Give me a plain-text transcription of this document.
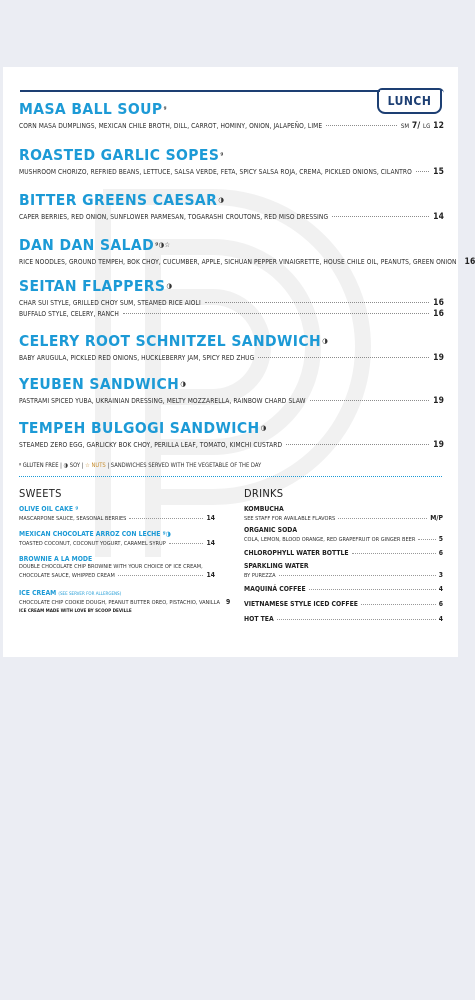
LUNCH
MASA BALL $SOUP^ᵍ$
CORN MASA DUMPLINGS, MEXICAN CHILE BROTH, DILL, CARROT, HOMINY, ONION, JALAPEÑO, LIME	SM 7/ LG 12
ROASTED GARLIC $SOPES^ᵍ$
MUSHROOM CHORIZO, REFRIED BEANS, LETTUCE, SALSA VERDE, FETA, SPICY SALSA ROJA, CREMA, PICKLED ONIONS, CILANTRO	15
BITTER GREENS CAESAR◑
CAPER BERRIES, RED ONION, SUNFLOWER PARMESAN, TOGARASHI CROUTONS, RED MISO DRESSING	14
DAN DAN $SALAD^{ᵍ◑☆}$
RICE NOODLES, GROUND TEMPEH, BOK CHOY, CUCUMBER, APPLE, SICHUAN PEPPER VINAIGRETTE, HOUSE CHILE OIL, PEANUTS, GREEN ONION 16
SEITAN FLAPPERS◑
CHAR SUI STYLE, GRILLED CHOY SUM, STEAMED RICE AIOLI	16
BUFFALO STYLE, CELERY, RANCH	16
CELERY ROOT SCHNITZEL SANDWICH◑
BABY ARUGULA, PICKLED RED ONIONS, HUCKLEBERRY JAM, SPICY RED ZHUG	19
YEUBEN SANDWICH◑
PASTRAMI SPICED YUBA, UKRAINIAN DRESSING, MELTY MOZZARELLA, RAINBOW CHARD SLAW	19
TEMPEH BULGOGI SANDWICH◑
STEAMED ZERO EGG, GARLICKY BOK CHOY, PERILLA LEAF, TOMATO, KIMCHI CUSTARD	19
ᵍ GLUTEN FREE | ◑ SOY | ☆ NUTS | SANDWICHES SERVED WITH THE VEGETABLE OF THE DAY
SWEETS
OLIVE OIL CAKE ᵍ
MASCARPONE SAUCE, SEASONAL BERRIES	14
MEXICAN CHOCOLATE ARROZ CON LECHE ᵍ◑
TOASTED COCONUT, COCONUT YOGURT, CARAMEL SYRUP	14
BROWNIE A LA MODE
DOUBLE CHOCOLATE CHIP BROWNIE WITH YOUR CHOICE OF ICE CREAM,
CHOCOLATE SAUCE, WHIPPED CREAM	14
ICE CREAM (SEE SERVER FOR ALLERGENS)
CHOCOLATE CHIP COOKIE DOUGH, PEANUT BUTTER OREO, PISTACHIO, VANILLA 9
ICE CREAM MADE WITH LOVE BY SCOOP DEVILLE
DRINKS
KOMBUCHA
SEE STAFF FOR AVAILABLE FLAVORS	M/P
ORGANIC SODA
COLA, LEMON, BLOOD ORANGE, RED GRAPEFRUIT OR GINGER BEER	5
CHLOROPHYLL WATER BOTTLE	6
SPARKLING WATER
BY PUREZZA	3
MAQUINÁ COFFEE	4
VIETNAMESE STYLE ICED COFFEE	6
HOT TEA	4
